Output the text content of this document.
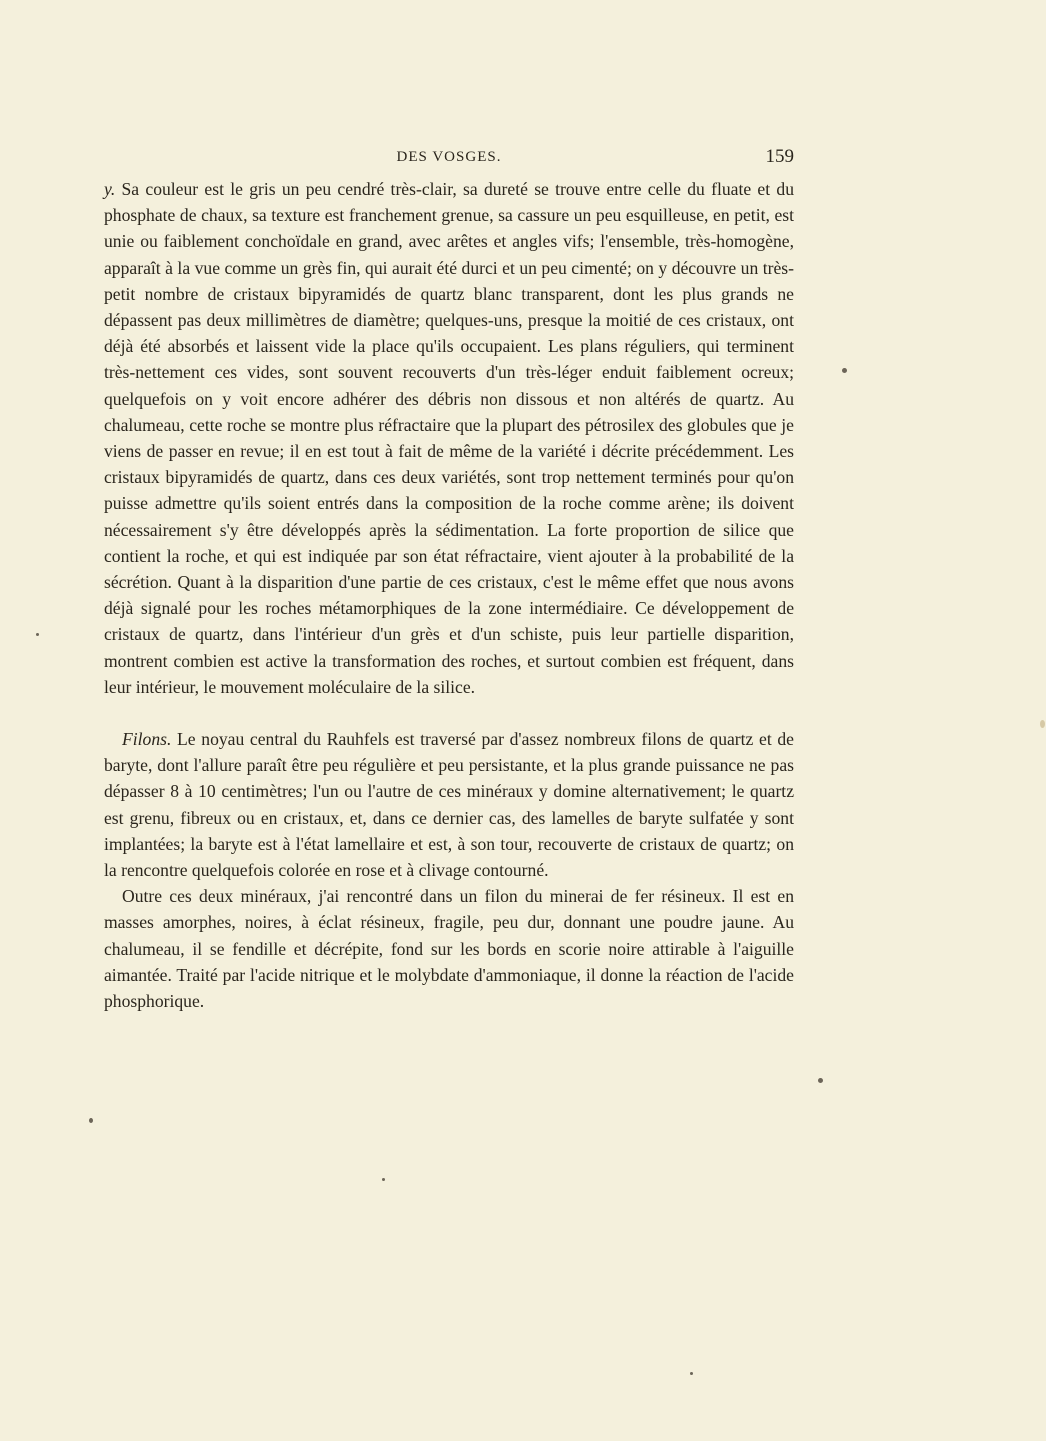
DES VOSGES.	159

y. Sa couleur est le gris un peu cendré très-clair, sa dureté se trouve entre celle du fluate et du phosphate de chaux, sa texture est franchement grenue, sa cassure un peu esquilleuse, en petit, est unie ou faiblement conchoïdale en grand, avec arêtes et angles vifs; l'ensemble, très-homogène, apparaît à la vue comme un grès fin, qui aurait été durci et un peu cimenté; on y découvre un très-petit nombre de cristaux bipyramidés de quartz blanc transparent, dont les plus grands ne dépassent pas deux millimètres de diamètre; quelques-uns, presque la moitié de ces cristaux, ont déjà été absorbés et laissent vide la place qu'ils occupaient. Les plans réguliers, qui terminent très-nettement ces vides, sont souvent recouverts d'un très-léger enduit faiblement ocreux; quelquefois on y voit encore adhérer des débris non dissous et non altérés de quartz. Au chalumeau, cette roche se montre plus réfractaire que la plupart des pétrosilex des globules que je viens de passer en revue; il en est tout à fait de même de la variété i décrite précédemment. Les cristaux bipyramidés de quartz, dans ces deux variétés, sont trop nettement terminés pour qu'on puisse admettre qu'ils soient entrés dans la composition de la roche comme arène; ils doivent nécessairement s'y être développés après la sédimentation. La forte proportion de silice que contient la roche, et qui est indiquée par son état réfractaire, vient ajouter à la probabilité de la sécrétion. Quant à la disparition d'une partie de ces cristaux, c'est le même effet que nous avons déjà signalé pour les roches métamorphiques de la zone intermédiaire. Ce développement de cristaux de quartz, dans l'intérieur d'un grès et d'un schiste, puis leur partielle disparition, montrent combien est active la transformation des roches, et surtout combien est fréquent, dans leur intérieur, le mouvement moléculaire de la silice.

Filons. Le noyau central du Rauhfels est traversé par d'assez nombreux filons de quartz et de baryte, dont l'allure paraît être peu régulière et peu persistante, et la plus grande puissance ne pas dépasser 8 à 10 centimètres; l'un ou l'autre de ces minéraux y domine alternativement; le quartz est grenu, fibreux ou en cristaux, et, dans ce dernier cas, des lamelles de baryte sulfatée y sont implantées; la baryte est à l'état lamellaire et est, à son tour, recouverte de cristaux de quartz; on la rencontre quelquefois colorée en rose et à clivage contourné.

Outre ces deux minéraux, j'ai rencontré dans un filon du minerai de fer résineux. Il est en masses amorphes, noires, à éclat résineux, fragile, peu dur, donnant une poudre jaune. Au chalumeau, il se fendille et décrépite, fond sur les bords en scorie noire attirable à l'aiguille aimantée. Traité par l'acide nitrique et le molybdate d'ammoniaque, il donne la réaction de l'acide phosphorique.
